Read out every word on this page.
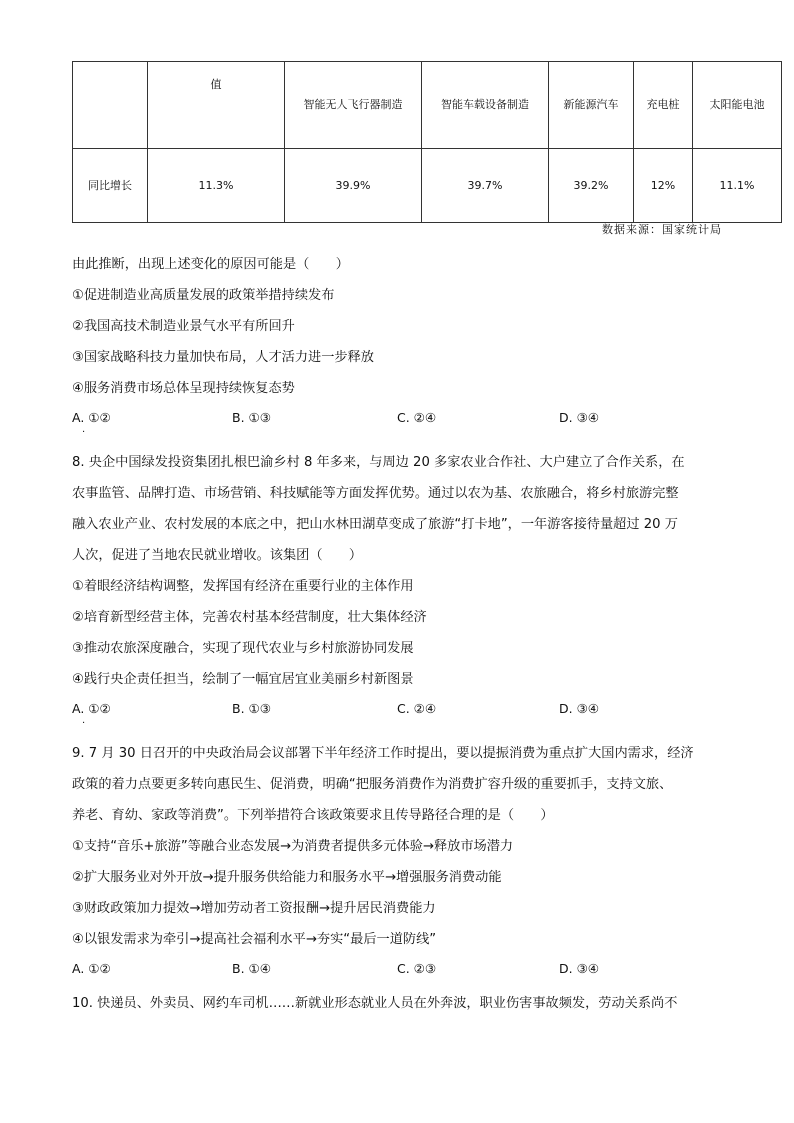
	值	智能无人飞行器制造	智能车载设备制造	新能源汽车	充电桩	太阳能电池
同比增长	11.3%	39.9%	39.7%	39.2%	12%	11.1%
数据来源：国家统计局
由此推断，出现上述变化的原因可能是（　　）
①促进制造业高质量发展的政策举措持续发布
②我国高技术制造业景气水平有所回升
③国家战略科技力量加快布局，人才活力进一步释放
④服务消费市场总体呈现持续恢复态势
A. ①②	B. ①③	C. ②④	D. ③④
.
8. 央企中国绿发投资集团扎根巴渝乡村 8 年多来，与周边 20 多家农业合作社、大户建立了合作关系，在
农事监管、品牌打造、市场营销、科技赋能等方面发挥优势。通过以农为基、农旅融合，将乡村旅游完整
融入农业产业、农村发展的本底之中，把山水林田湖草变成了旅游“打卡地”，一年游客接待量超过 20 万
人次，促进了当地农民就业增收。该集团（　　）
①着眼经济结构调整，发挥国有经济在重要行业的主体作用
②培育新型经营主体，完善农村基本经营制度，壮大集体经济
③推动农旅深度融合，实现了现代农业与乡村旅游协同发展
④践行央企责任担当，绘制了一幅宜居宜业美丽乡村新图景
A. ①②	B. ①③	C. ②④	D. ③④
.
9. 7 月 30 日召开的中央政治局会议部署下半年经济工作时提出，要以提振消费为重点扩大国内需求，经济
政策的着力点要更多转向惠民生、促消费，明确“把服务消费作为消费扩容升级的重要抓手，支持文旅、
养老、育幼、家政等消费”。下列举措符合该政策要求且传导路径合理的是（　　）
①支持“音乐+旅游”等融合业态发展→为消费者提供多元体验→释放市场潜力
②扩大服务业对外开放→提升服务供给能力和服务水平→增强服务消费动能
③财政政策加力提效→增加劳动者工资报酬→提升居民消费能力
④以银发需求为牵引→提高社会福利水平→夯实“最后一道防线”
A. ①②	B. ①④	C. ②③	D. ③④
10. 快递员、外卖员、网约车司机……新就业形态就业人员在外奔波，职业伤害事故频发，劳动关系尚不
